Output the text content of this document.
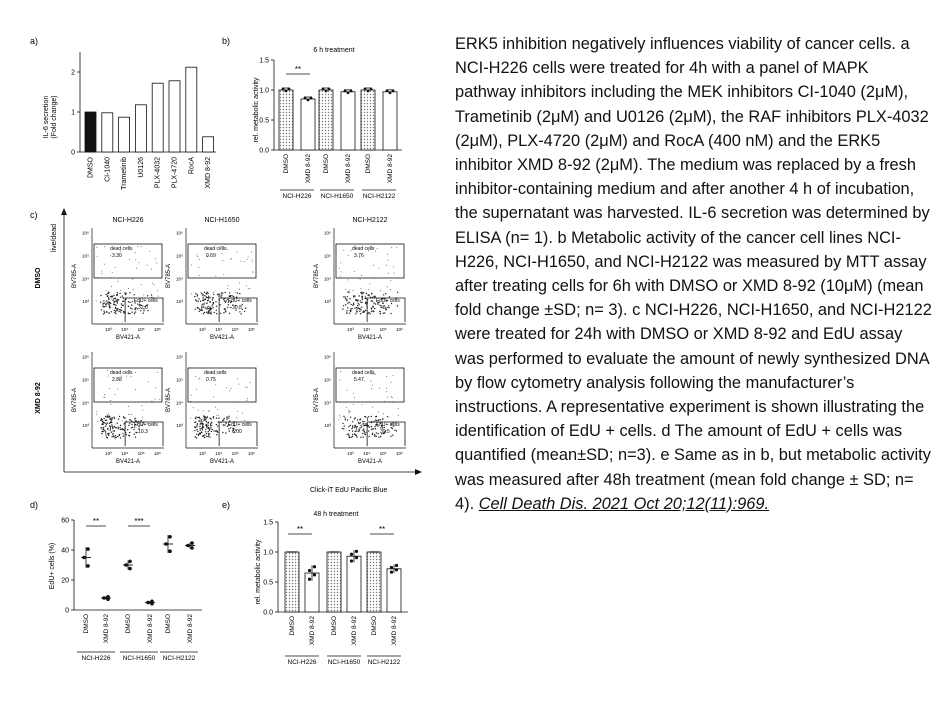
a)
IL-6 secretion (Fold change)
0
1
2
DMSO CI-1040 Trametinib U0126 PLX-4032 PLX-4720 RocA XMD 8-92
b)
6 h treatment
rel. metabolic activity
0.0
0.5
1.0
1.5
DMSO XMD 8-92 DMSO XMD 8-92 DMSO XMD 8-92
NCI-H226 NCI-H1650 NCI-H2122
**
c)
live/dead
Click-iT EdU Pacific Blue
DMSO
XMD 8-92
NCI-H226
10³
10³
10⁴
10⁴
10⁵
10⁵
10⁶
10⁶
BV785-A
BV421-A
dead cells
3.30
EdU+ cells
32.0
NCI-H1650
10³
10³
10⁴
10⁴
10⁵
10⁵
10⁶
10⁶
BV785-A
BV421-A
dead cells
0.69
EdU+ cells
30.8
NCI-H2122
10³
10³
10⁴
10⁴
10⁵
10⁵
10⁶
10⁶
BV785-A
BV421-A
dead cells
3.76
EdU+ cells
48.4
10³
10³
10⁴
10⁴
10⁵
10⁵
10⁶
10⁶
BV785-A
BV421-A
dead cells
2.88
EdU+ cells
10.3
10³
10³
10⁴
10⁴
10⁵
10⁵
10⁶
10⁶
BV785-A
BV421-A
dead cells
0.75
EdU+ cells
6.00
10³
10³
10⁴
10⁴
10⁵
10⁵
10⁶
10⁶
BV785-A
BV421-A
dead cells
5.47
EdU+ cells
39.5
d)
EdU+ cells (%)
0
20
40
60
DMSO XMD 8-92 DMSO XMD 8-92 DMSO XMD 8-92
NCI-H226 NCI-H1650 NCI-H2122
**	***
e)
48 h treatment
rel. metabolic activity
0.0
0.5
1.0
1.5
DMSO XMD 8-92 DMSO XMD 8-92 DMSO XMD 8-92
NCI-H226 NCI-H1650 NCI-H2122
**	**
ERK5 inhibition negatively influences viability of cancer cells. a NCI-H226 cells were treated for 4h with a panel of MAPK pathway inhibitors including the MEK inhibitors CI-1040 (2μM), Trametinib (2μM) and U0126 (2μM), the RAF inhibitors PLX-4032 (2μM), PLX-4720 (2μM) and RocA (400 nM) and the ERK5 inhibitor XMD 8-92 (2μM). The medium was replaced by a fresh inhibitor-containing medium and after another 4 h of incubation, the supernatant was harvested. IL-6 secretion was determined by ELISA (n= 1). b Metabolic activity of the cancer cell lines NCI-H226, NCI-H1650, and NCI-H2122 was measured by MTT assay after treating cells for 6h with DMSO or XMD 8-92 (10μM) (mean fold change ±SD; n= 3). c NCI-H226, NCI-H1650, and NCI-H2122 were treated for 24h with DMSO or XMD 8-92 and EdU assay was performed to evaluate the amount of newly synthesized DNA by flow cytometry analysis following the manufacturer’s instructions. A representative experiment is shown illustrating the identification of EdU + cells. d The amount of EdU + cells was quantified (mean±SD; n=3). e Same as in b, but metabolic activity was measured after 48h treatment (mean fold change ± SD; n= 4). Cell Death Dis. 2021 Oct 20;12(11):969.
